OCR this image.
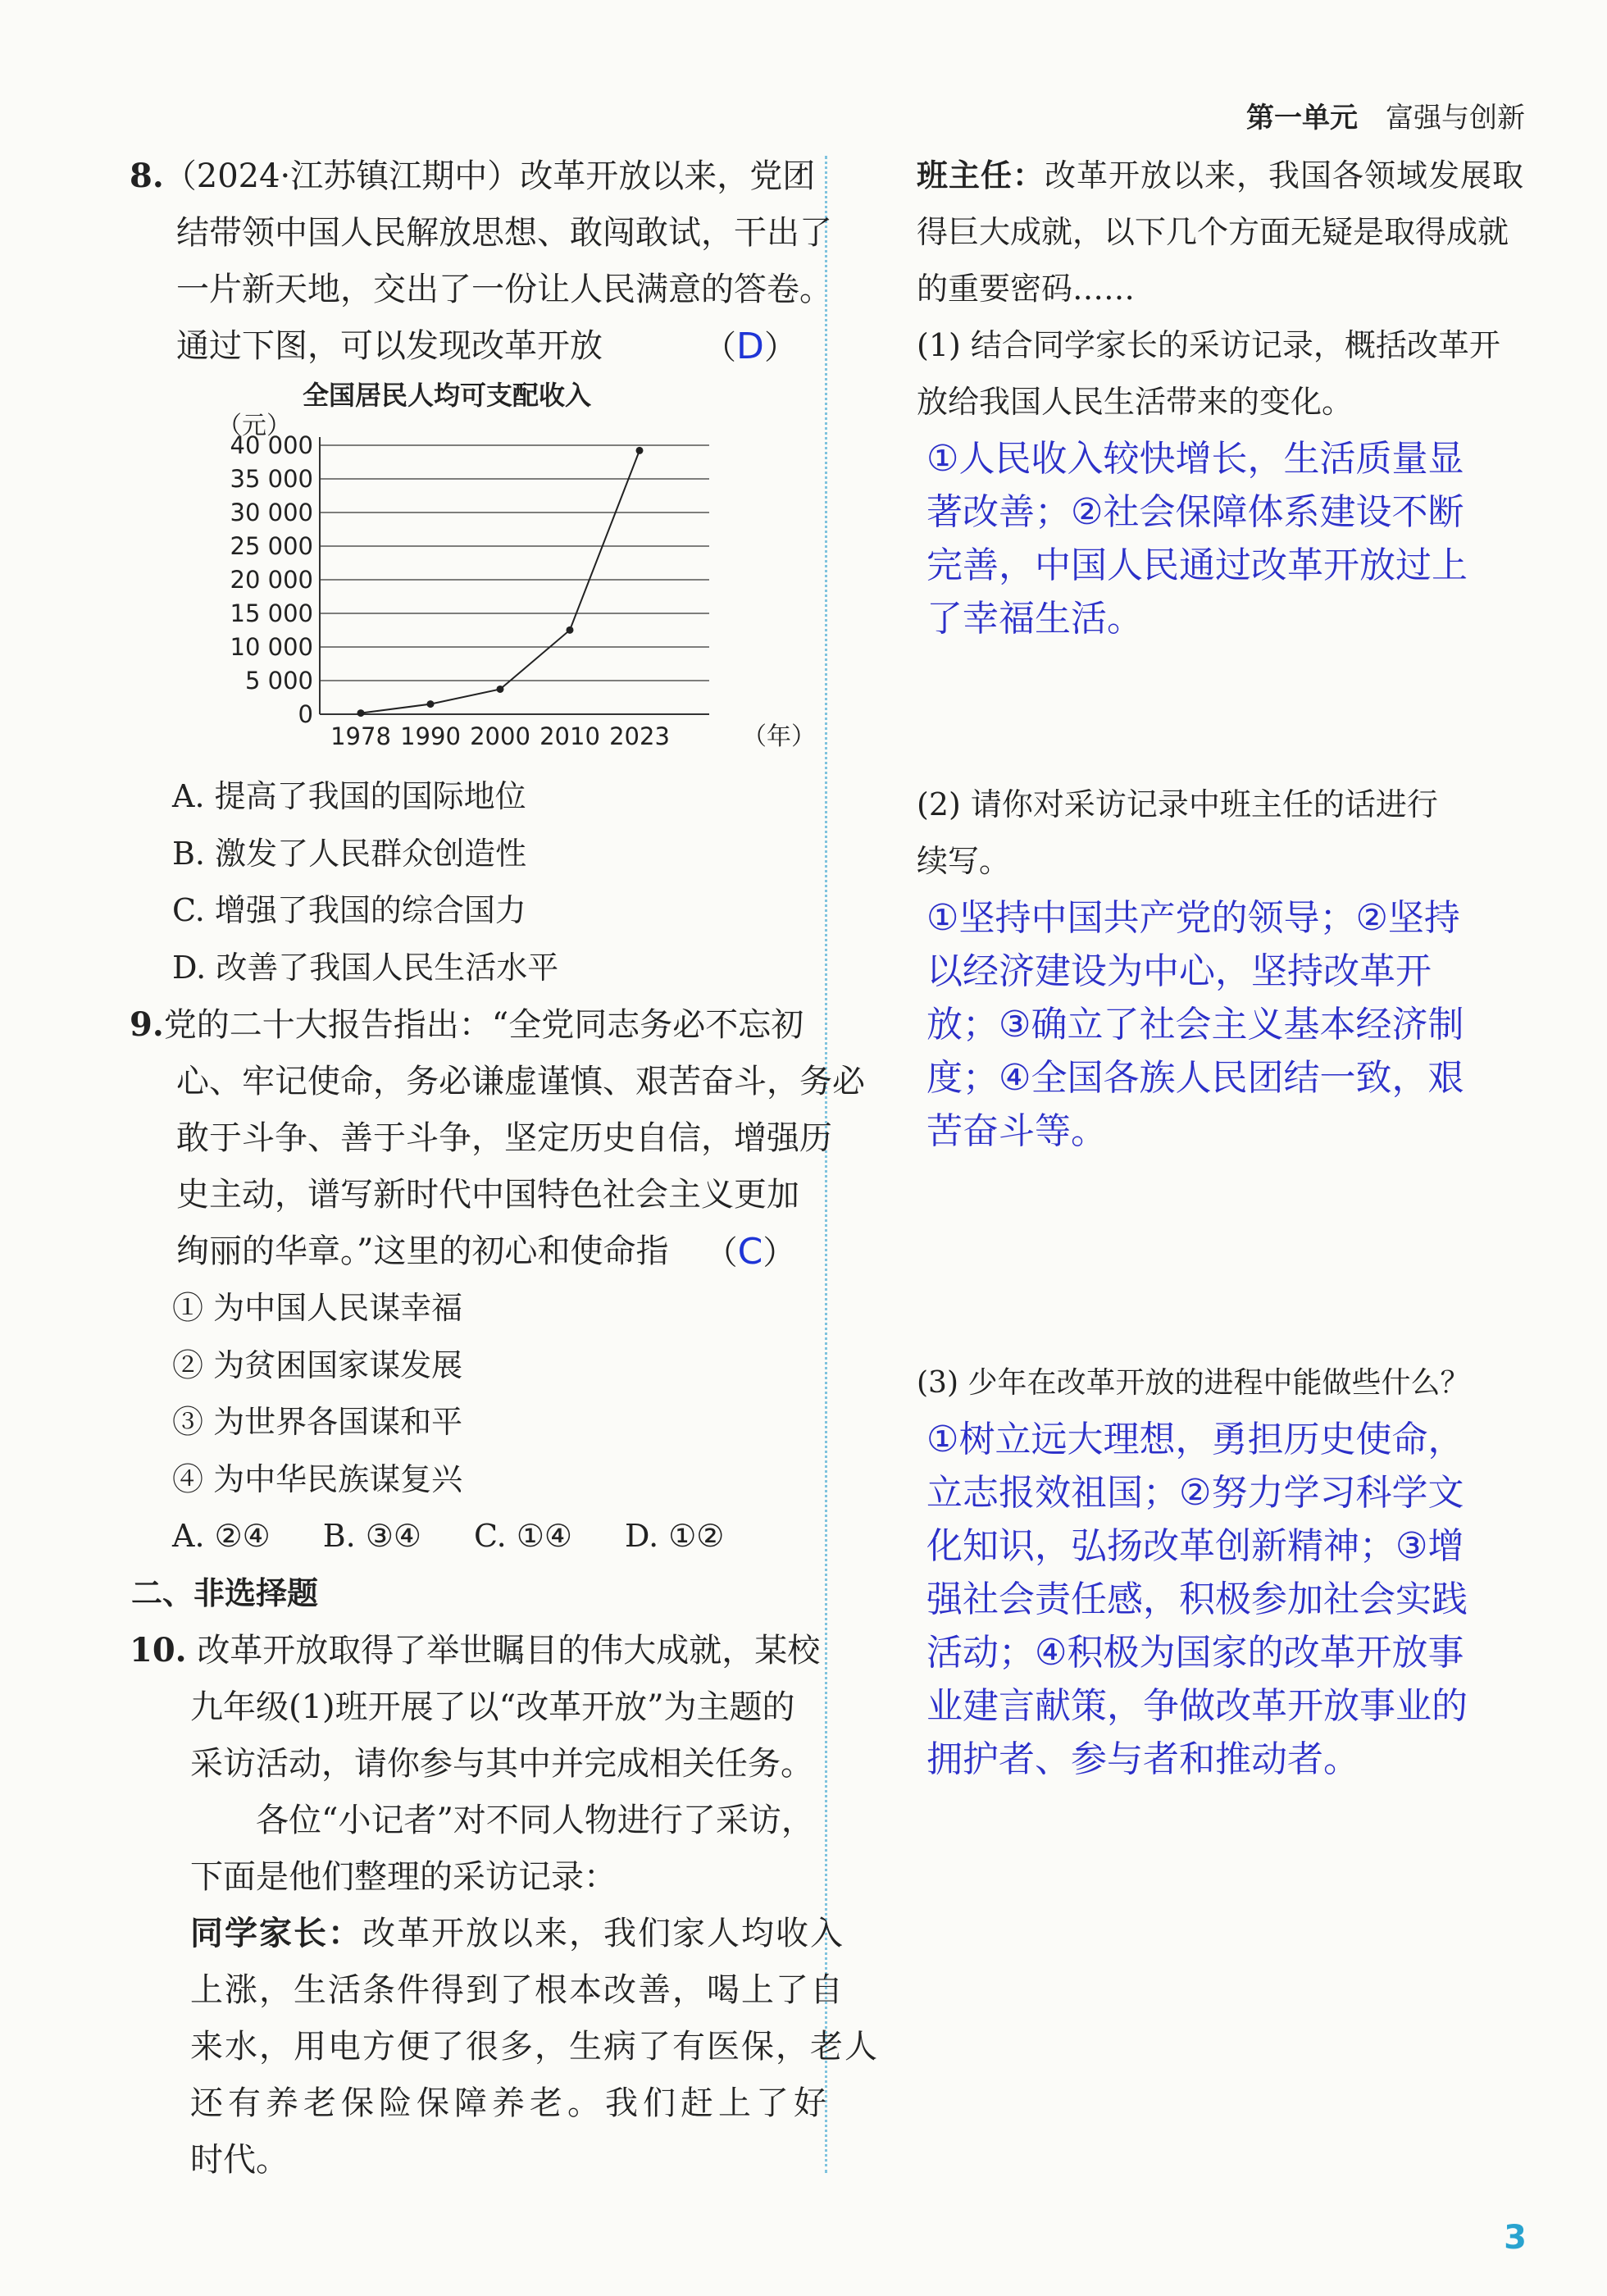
第一单元 富强与创新
8.（2024·江苏镇江期中）改革开放以来，党团
结带领中国人民解放思想、敢闯敢试，干出了
一片新天地，交出了一份让人民满意的答卷。
通过下图，可以发现改革开放	（D）
全国居民人均可支配收入
（元）
0
5 000
10 000
15 000
20 000
25 000
30 000
35 000
40 000
1978 1990 2000 2010 2023	（年）
A. 提高了我国的国际地位
B. 激发了人民群众创造性
C. 增强了我国的综合国力
D. 改善了我国人民生活水平
9.党的二十大报告指出：“全党同志务必不忘初
心、牢记使命，务必谦虚谨慎、艰苦奋斗，务必
敢于斗争、善于斗争，坚定历史自信，增强历
史主动，谱写新时代中国特色社会主义更加
绚丽的华章。”这里的初心和使命指 （C）
① 为中国人民谋幸福
② 为贫困国家谋发展
③ 为世界各国谋和平
④ 为中华民族谋复兴
A. ②④ B. ③④ C. ①④ D. ①②
二、非选择题
10. 改革开放取得了举世瞩目的伟大成就，某校
九年级(1)班开展了以“改革开放”为主题的
采访活动，请你参与其中并完成相关任务。
各位“小记者”对不同人物进行了采访，
下面是他们整理的采访记录：
同学家长：改革开放以来，我们家人均收入
上涨，生活条件得到了根本改善，喝上了自
来水，用电方便了很多，生病了有医保，老人
还有养老保险保障养老。我们赶上了好
时代。
班主任：改革开放以来，我国各领域发展取
得巨大成就，以下几个方面无疑是取得成就
的重要密码……
(1) 结合同学家长的采访记录，概括改革开
放给我国人民生活带来的变化。
①人民收入较快增长，生活质量显
著改善；②社会保障体系建设不断
完善，中国人民通过改革开放过上
了幸福生活。
(2) 请你对采访记录中班主任的话进行
续写。
①坚持中国共产党的领导；②坚持
以经济建设为中心，坚持改革开
放；③确立了社会主义基本经济制
度；④全国各族人民团结一致，艰
苦奋斗等。
(3) 少年在改革开放的进程中能做些什么？
①树立远大理想，勇担历史使命，
立志报效祖国；②努力学习科学文
化知识，弘扬改革创新精神；③增
强社会责任感，积极参加社会实践
活动；④积极为国家的改革开放事
业建言献策，争做改革开放事业的
拥护者、参与者和推动者。
3
